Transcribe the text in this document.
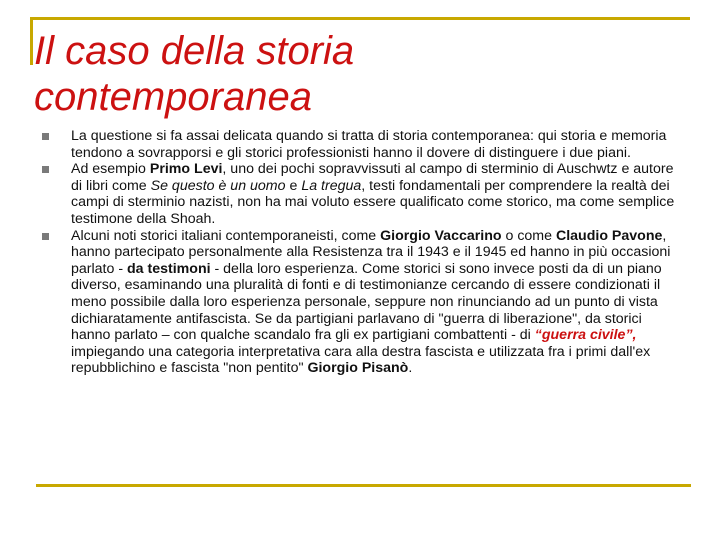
Il caso della storia
contemporanea
La questione si fa assai delicata quando si tratta di storia contemporanea: qui storia e memoria tendono a sovrapporsi e gli storici professionisti hanno il dovere di distinguere i due piani.
Ad esempio Primo Levi, uno dei pochi sopravvissuti al campo di sterminio di Auschwtz e autore di libri come Se questo è un uomo e La tregua, testi fondamentali per comprendere la realtà dei campi di sterminio nazisti, non ha mai voluto essere qualificato come storico, ma come semplice testimone della Shoah.
Alcuni noti storici italiani contemporaneisti, come Giorgio Vaccarino o come Claudio Pavone, hanno partecipato personalmente alla Resistenza tra il 1943 e il 1945 ed hanno in più occasioni parlato - da testimoni - della loro esperienza. Come storici si sono invece posti da di un piano diverso, esaminando una pluralità di fonti e di testimonianze cercando di essere condizionati il meno possibile dalla loro esperienza personale, seppure non rinunciando ad un punto di vista dichiaratamente antifascista. Se da partigiani parlavano di "guerra di liberazione", da storici hanno parlato – con qualche scandalo fra gli ex partigiani combattenti - di “guerra civile”, impiegando una categoria interpretativa cara alla destra fascista e utilizzata fra i primi dall'ex repubblichino e fascista "non pentito" Giorgio Pisanò.
